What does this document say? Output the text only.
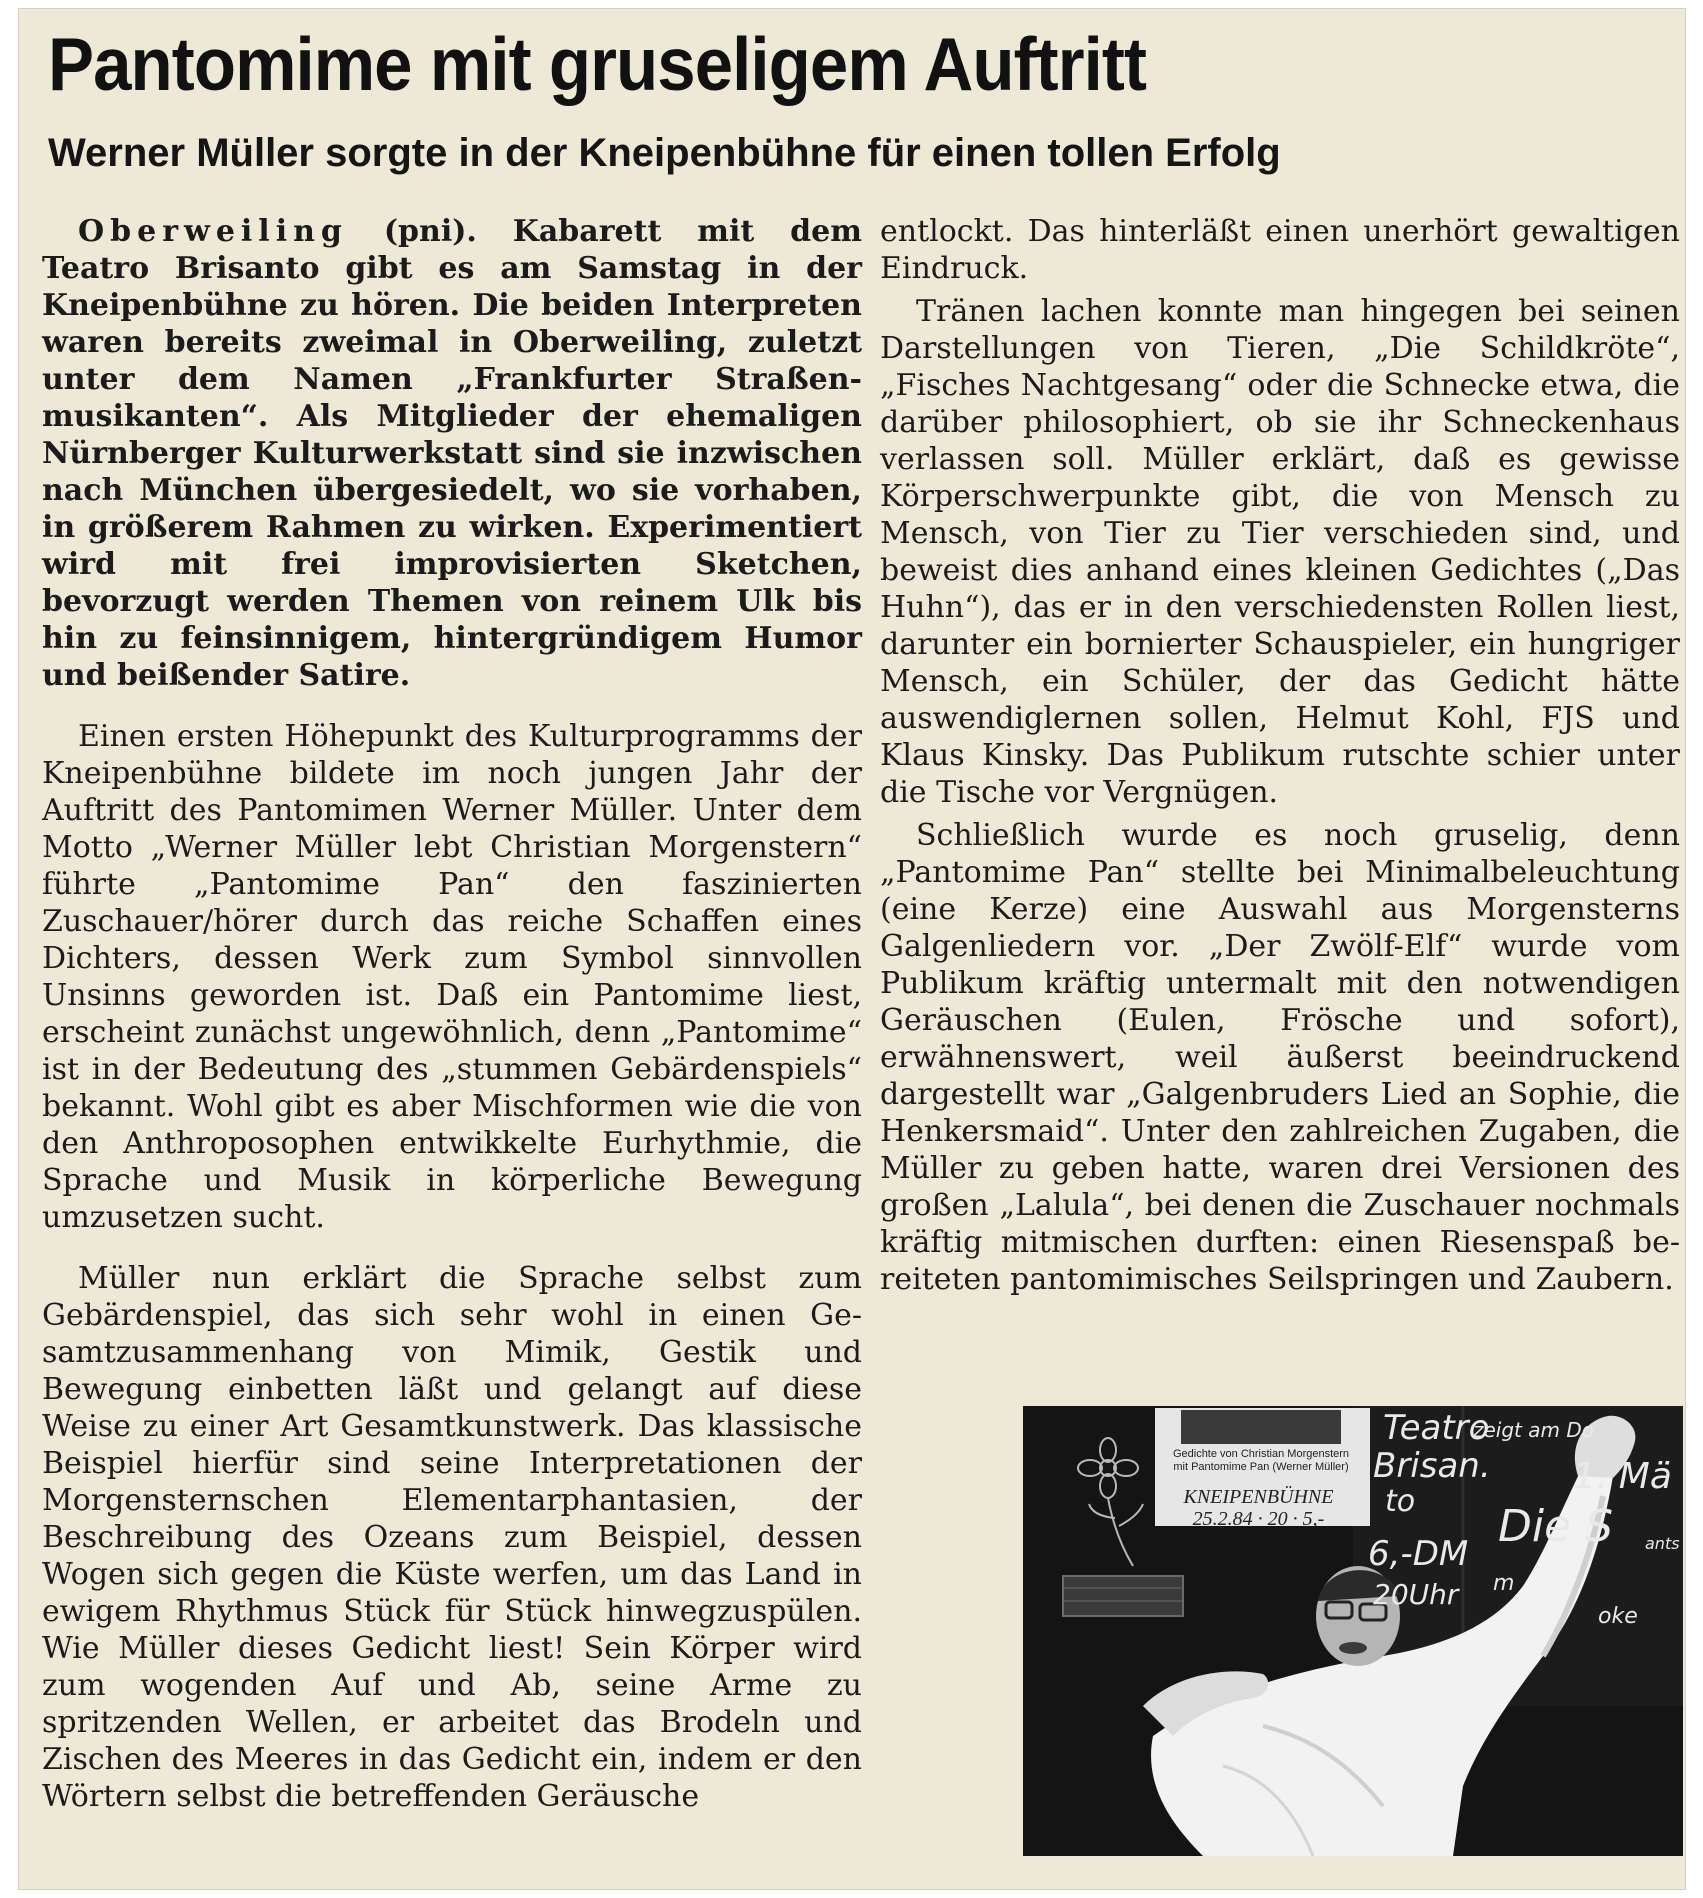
Pantomime mit gruseligem Auftritt
Werner Müller sorgte in der Kneipenbühne für einen tollen Erfolg

Oberweiling (pni). Kabarett mit dem Teatro Brisanto gibt es am Samstag in der Kneipenbühne zu hören. Die beiden Interpreten waren bereits zweimal in Oberweiling, zuletzt unter dem Namen „Frankfurter Straßenmusikanten“. Als Mitglieder der ehemaligen Nürnberger Kulturwerkstatt sind sie inzwischen nach München übergesiedelt, wo sie vorhaben, in größerem Rahmen zu wirken. Experimentiert wird mit frei improvisierten Sketchen, bevorzugt werden Themen von reinem Ulk bis hin zu feinsinnigem, hintergründigem Humor und beißender Satire.

Einen ersten Höhepunkt des Kulturprogramms der Kneipenbühne bildete im noch jungen Jahr der Auftritt des Pantomimen Werner Müller. Unter dem Motto „Werner Müller lebt Christian Morgenstern“ führte „Pantomime Pan“ den faszinierten Zuschauer/hörer durch das reiche Schaffen eines Dichters, dessen Werk zum Symbol sinnvollen Unsinns geworden ist. Daß ein Pantomime liest, erscheint zunächst ungewöhnlich, denn „Pantomime“ ist in der Bedeutung des „stummen Gebärdenspiels“ bekannt. Wohl gibt es aber Mischformen wie die von den Anthroposophen entwikkelte Eurhythmie, die Sprache und Musik in körperliche Bewegung umzusetzen sucht.

Müller nun erklärt die Sprache selbst zum Gebärdenspiel, das sich sehr wohl in einen Gesamtzusammenhang von Mimik, Gestik und Bewegung einbetten läßt und gelangt auf diese Weise zu einer Art Gesamtkunstwerk. Das klassische Beispiel hierfür sind seine Interpretationen der Morgensternschen Elementarphantasien, der Beschreibung des Ozeans zum Beispiel, dessen Wogen sich gegen die Küste werfen, um das Land in ewigem Rhythmus Stück für Stück hinwegzuspülen. Wie Müller dieses Gedicht liest! Sein Körper wird zum wogenden Auf und Ab, seine Arme zu spritzenden Wellen, er arbeitet das Brodeln und Zischen des Meeres in das Gedicht ein, indem er den Wörtern selbst die betreffenden Geräusche

entlockt. Das hinterläßt einen unerhört gewaltigen Eindruck.

Tränen lachen konnte man hingegen bei seinen Darstellungen von Tieren, „Die Schildkröte“, „Fisches Nachtgesang“ oder die Schnecke etwa, die darüber philosophiert, ob sie ihr Schneckenhaus verlassen soll. Müller erklärt, daß es gewisse Körperschwerpunkte gibt, die von Mensch zu Mensch, von Tier zu Tier verschieden sind, und beweist dies anhand eines kleinen Gedichtes („Das Huhn“), das er in den verschiedensten Rollen liest, darunter ein bornierter Schauspieler, ein hungriger Mensch, ein Schüler, der das Gedicht hätte auswendiglernen sollen, Helmut Kohl, FJS und Klaus Kinsky. Das Publikum rutschte schier unter die Tische vor Vergnügen.

Schließlich wurde es noch gruselig, denn „Pantomime Pan“ stellte bei Minimalbeleuchtung (eine Kerze) eine Auswahl aus Morgensterns Galgenliedern vor. „Der Zwölf-Elf“ wurde vom Publikum kräftig untermalt mit den notwendigen Geräuschen (Eulen, Frösche und sofort), erwähnenswert, weil äußerst beeindruckend dargestellt war „Galgenbruders Lied an Sophie, die Henkersmaid“. Unter den zahlreichen Zugaben, die Müller zu geben hatte, waren drei Versionen des großen „Lalula“, bei denen die Zuschauer nochmals kräftig mitmischen durften: einen Riesenspaß bereiteten pantomimisches Seilspringen und Zaubern.

Gedichte von Christian Morgenstern
mit Pantomime Pan (Werner Müller)
KNEIPENBÜHNE
25.2.84 · 20 · 5,-
Teatro
Brisan.
to
6,-DM
20Uhr
zeigt am Do
1. Mä
Die S
m
oke
ants
